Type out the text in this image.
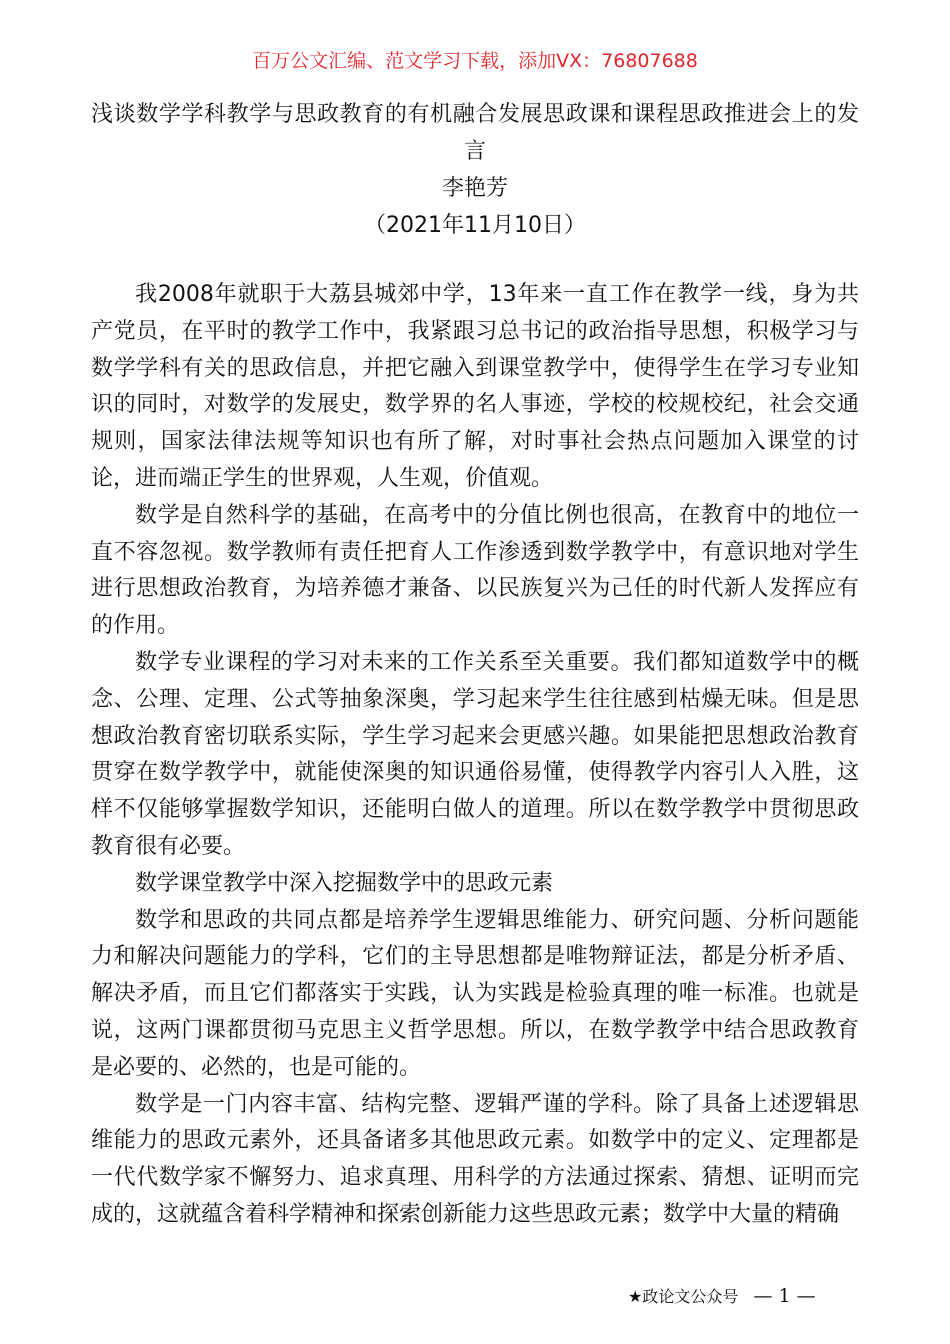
百万公文汇编、范文学习下载，添加VX：76807688
浅谈数学学科教学与思政教育的有机融合发展思政课和课程思政推进会上的发
言
李艳芳
（2021年11月10日）
我2008年就职于大荔县城郊中学，13年来一直工作在教学一线，身为共
产党员，在平时的教学工作中，我紧跟习总书记的政治指导思想，积极学习与
数学学科有关的思政信息，并把它融入到课堂教学中，使得学生在学习专业知
识的同时，对数学的发展史，数学界的名人事迹，学校的校规校纪，社会交通
规则，国家法律法规等知识也有所了解，对时事社会热点问题加入课堂的讨
论，进而端正学生的世界观，人生观，价值观。
数学是自然科学的基础，在高考中的分值比例也很高，在教育中的地位一
直不容忽视。数学教师有责任把育人工作渗透到数学教学中，有意识地对学生
进行思想政治教育，为培养德才兼备、以民族复兴为己任的时代新人发挥应有
的作用。
数学专业课程的学习对未来的工作关系至关重要。我们都知道数学中的概
念、公理、定理、公式等抽象深奥，学习起来学生往往感到枯燥无味。但是思
想政治教育密切联系实际，学生学习起来会更感兴趣。如果能把思想政治教育
贯穿在数学教学中，就能使深奥的知识通俗易懂，使得教学内容引人入胜，这
样不仅能够掌握数学知识，还能明白做人的道理。所以在数学教学中贯彻思政
教育很有必要。
数学课堂教学中深入挖掘数学中的思政元素
数学和思政的共同点都是培养学生逻辑思维能力、研究问题、分析问题能
力和解决问题能力的学科，它们的主导思想都是唯物辩证法，都是分析矛盾、
解决矛盾，而且它们都落实于实践，认为实践是检验真理的唯一标准。也就是
说，这两门课都贯彻马克思主义哲学思想。所以，在数学教学中结合思政教育
是必要的、必然的，也是可能的。
数学是一门内容丰富、结构完整、逻辑严谨的学科。除了具备上述逻辑思
维能力的思政元素外，还具备诸多其他思政元素。如数学中的定义、定理都是
一代代数学家不懈努力、追求真理、用科学的方法通过探索、猜想、证明而完
成的，这就蕴含着科学精神和探索创新能力这些思政元素；数学中大量的精确
★政论文公众号 — 1 —
